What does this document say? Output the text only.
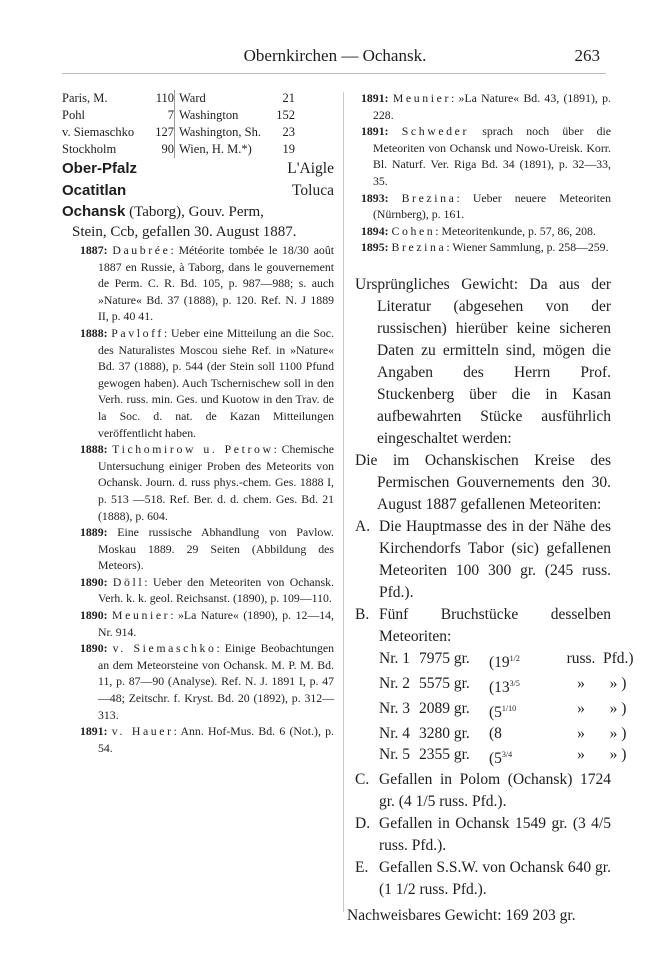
Obernkirchen — Ochansk.	263
Paris, M.	110 Ward	21
Pohl	7 Washington	152
v. Siemaschko	127 Washington, Sh.	23
Stockholm	90 Wien, H. M.*)	19
Ober-Pfalz	L'Aigle
Ocatitlan	Toluca
Ochansk (Taborg), Gouv. Perm,
Stein, Ccb, gefallen 30. August 1887.
1887: Daubrée: Météorite tombée le 18/30 août 1887 en Russie, à Taborg, dans le gouvernement de Perm. C. R. Bd. 105, p. 987—988; s. auch »Nature« Bd. 37 (1888), p. 120. Ref. N. J 1889 II, p. 40 41.
1888: Pavloff: Ueber eine Mitteilung an die Soc. des Naturalistes Moscou siehe Ref. in »Nature« Bd. 37 (1888), p. 544 (der Stein soll 1100 Pfund gewogen haben). Auch Tschernischew soll in den Verh. russ. min. Ges. und Kuotow in den Trav. de la Soc. d. nat. de Kazan Mitteilungen veröffentlicht haben.
1888: Tichomirow u. Petrow: Chemische Untersuchung einiger Proben des Meteorits von Ochansk. Journ. d. russ phys.-chem. Ges. 1888 I, p. 513 —518. Ref. Ber. d. d. chem. Ges. Bd. 21 (1888), p. 604.
1889: Eine russische Abhandlung von Pavlow. Moskau 1889. 29 Seiten (Abbildung des Meteors).
1890: Döll: Ueber den Meteoriten von Ochansk. Verh. k. k. geol. Reichsanst. (1890), p. 109—110.
1890: Meunier: »La Nature« (1890), p. 12—14, Nr. 914.
1890: v. Siemaschko: Einige Beobachtungen an dem Meteorsteine von Ochansk. M. P. M. Bd. 11, p. 87—90 (Analyse). Ref. N. J. 1891 I, p. 47—48; Zeitschr. f. Kryst. Bd. 20 (1892), p. 312—313.
1891: v. Hauer: Ann. Hof-Mus. Bd. 6 (Not.), p. 54.
1891: Meunier: »La Nature« Bd. 43, (1891), p. 228.
1891: Schweder sprach noch über die Meteoriten von Ochansk und Nowo-Ureisk. Korr. Bl. Naturf. Ver. Riga Bd. 34 (1891), p. 32—33, 35.
1893: Brezina: Ueber neuere Meteoriten (Nürnberg), p. 161.
1894: Cohen: Meteoritenkunde, p. 57, 86, 208.
1895: Brezina: Wiener Sammlung, p. 258—259.
Ursprüngliches Gewicht: Da aus der Literatur (abgesehen von der russischen) hierüber keine sicheren Daten zu ermitteln sind, mögen die Angaben des Herrn Prof. Stuckenberg über die in Kasan aufbewahrten Stücke ausführlich eingeschaltet werden:
Die im Ochanskischen Kreise des Permischen Gouvernements den 30. August 1887 gefallenen Meteoriten:
A. Die Hauptmasse des in der Nähe des Kirchendorfs Tabor (sic) gefallenen Meteoriten 100 300 gr. (245 russ. Pfd.).
B. Fünf Bruchstücke desselben Meteoriten:
Nr. 1 7975 gr.	($19^{1/2}$	russ. Pfd.)
Nr. 2 5575 gr.	($13^{3/5}$	»	» )
Nr. 3 2089 gr.	($5^{1/10}$	»	» )
Nr. 4 3280 gr.	(8	»	» )
Nr. 5 2355 gr.	($5^{3/4}$	»	» )
C. Gefallen in Polom (Ochansk) 1724 gr. (4 1/5 russ. Pfd.).
D. Gefallen in Ochansk 1549 gr. (3 4/5 russ. Pfd.).
E. Gefallen S.S.W. von Ochansk 640 gr. (1 1/2 russ. Pfd.).
Nachweisbares Gewicht: 169 203 gr.
